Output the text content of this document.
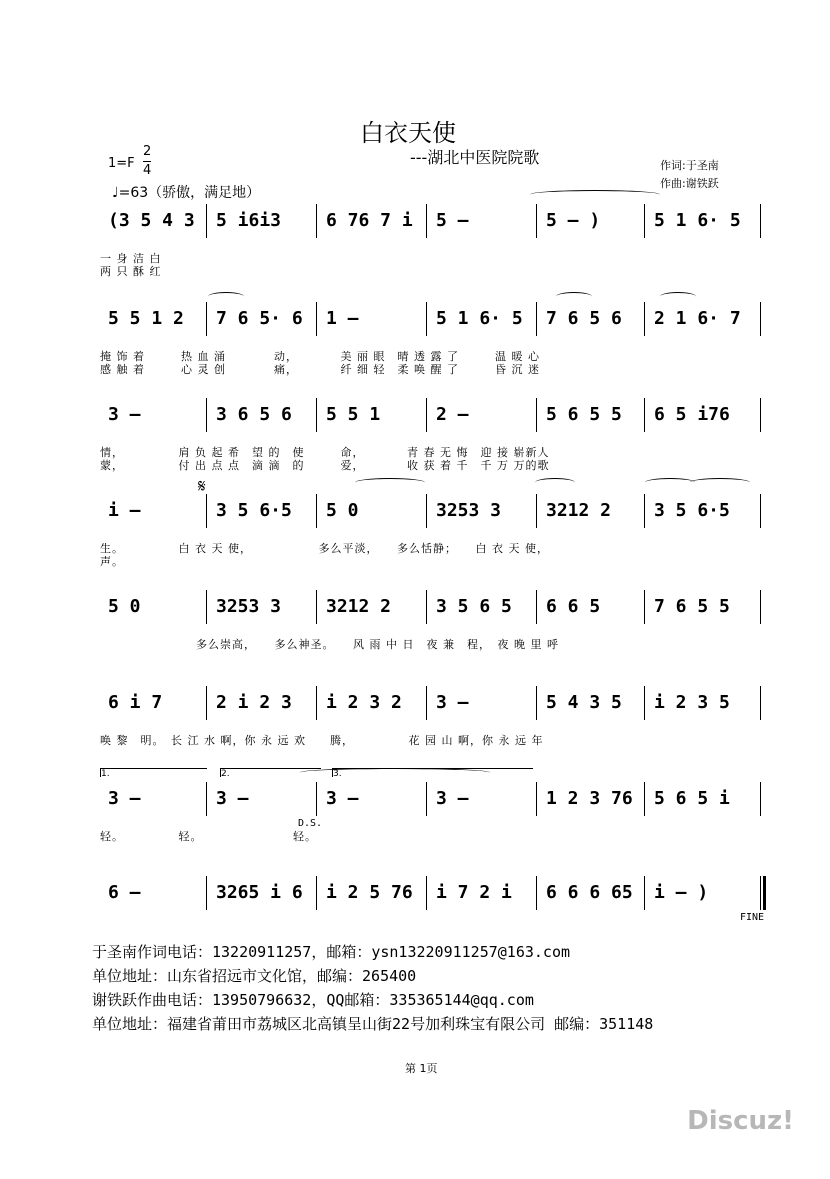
白衣天使
---湖北中医院院歌	作词:于圣南
作曲:谢铁跃
1=F
2
4
♩=63（骄傲，满足地）
(3 5 4 3 5 i6i3 6 76 7 i 5 –	5 – )	5 1 6· 5
一 身 洁 白
两 只 酥 红
5 5 1 2 7 6 5· 6 1 –	5 1 6· 5 7 6 5 6 2 1 6· 7
掩 饰 着　　　热 血 涌　　　　动，　　　　美 丽 眼　晴 透 露 了　　　温 暖 心
感 触 着　　　心 灵 创　　　　痛，　　　　纤 细 轻　柔 唤 醒 了　　　昏 沉 迷
3 –	3 6 5 6 5 5 1	2 –	5 6 5 5 6 5 i76
情，　　　　　肩 负 起 希　望 的　使　　　命，　　　　青 春 无 悔　迎 接 崭新人
蒙，　　　　　付 出 点 点　滴 滴　的　　　爱，　　　　收 获 着 千　千 万 万的歌
i –	3 5 6·5 5 0	3253 3 3212 2 3 5 6·5
生。　　　　　白 衣 天 使，　　　　　　多么平淡，　　多么恬静；　　白 衣 天 使，
声。
5 0	3253 3 3212 2 3 5 6 5 6 6 5	7 6 5 5
　　　　　　　　多么崇高，　　多么神圣。　　风 雨 中 日　夜 兼　程，　夜 晚 里 呼
6 i 7	2 i 2 3 i 2 3 2 3 –	5 4 3 5 i 2 3 5
唤 黎　明。　长 江 水 啊，你 永 远 欢　　腾，　　　　　花 园 山 啊，你 永 远 年
3 –	3 –	3 –	3 –	1 2 3 76 5 6 5 i
轻。　　　　　轻。　　　　　　　　轻。
1.	2.	3.
D.S.
6 –	3265 i 6 i 2 5 76 i 7 2 i 6 6 6 65 i – )
FINE
𝄋
于圣南作词电话：13220911257，邮箱：ysn13220911257@163.com
单位地址：山东省招远市文化馆，邮编：265400
谢铁跃作曲电话：13950796632，QQ邮箱：335365144@qq.com
单位地址：福建省莆田市荔城区北高镇呈山街22号加利珠宝有限公司 邮编：351148
第 1页
Discuz!
